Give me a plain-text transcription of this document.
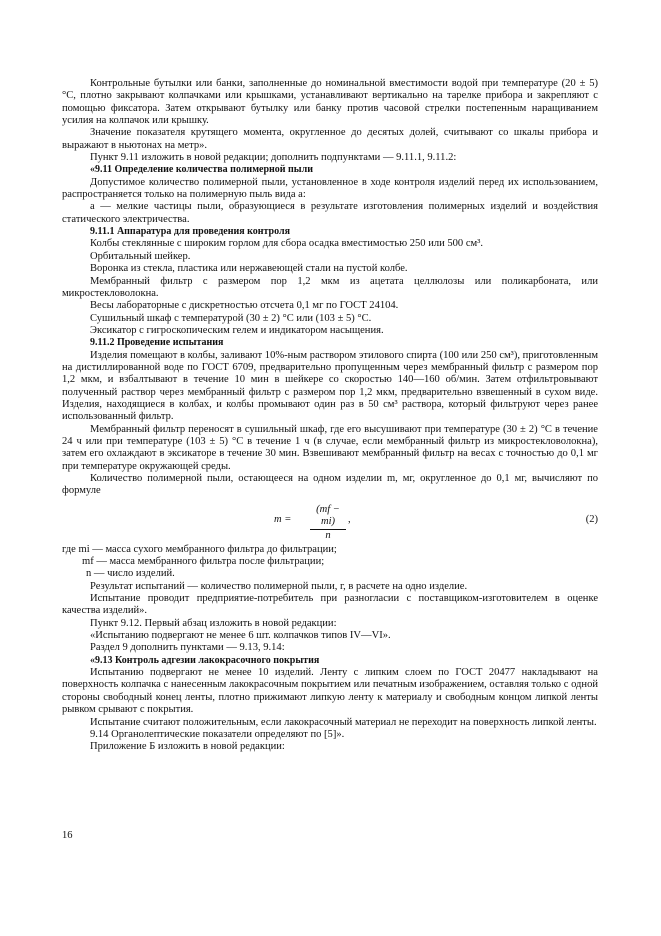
Контрольные бутылки или банки, заполненные до номинальной вместимости водой при температуре (20 ± 5) °С, плотно закрывают колпачками или крышками, устанавливают вертикально на тарелке прибора и закрепляют с помощью фиксатора. Затем открывают бутылку или банку против часовой стрелки постепенным наращиванием усилия на колпачок или крышку.

Значение показателя крутящего момента, округленное до десятых долей, считывают со шкалы прибора и выражают в ньютонах на метр».

Пункт 9.11 изложить в новой редакции; дополнить подпунктами — 9.11.1, 9.11.2:

«9.11 Определение количества полимерной пыли

Допустимое количество полимерной пыли, установленное в ходе контроля изделий перед их использованием, распространяется только на полимерную пыль вида a:

a — мелкие частицы пыли, образующиеся в результате изготовления полимерных изделий и воздействия статического электричества.

9.11.1 Аппаратура для проведения контроля

Колбы стеклянные с широким горлом для сбора осадка вместимостью 250 или 500 см³.

Орбитальный шейкер.

Воронка из стекла, пластика или нержавеющей стали на пустой колбе.

Мембранный фильтр с размером пор 1,2 мкм из ацетата целлюлозы или поликарбоната, или микростекловолокна.

Весы лабораторные с дискретностью отсчета 0,1 мг по ГОСТ 24104.

Сушильный шкаф с температурой (30 ± 2) °С или (103 ± 5) °С.

Эксикатор с гигроскопическим гелем и индикатором насыщения.

9.11.2 Проведение испытания

Изделия помещают в колбы, заливают 10%-ным раствором этилового спирта (100 или 250 см³), приготовленным на дистиллированной воде по ГОСТ 6709, предварительно пропущенным через мембранный фильтр с размером пор 1,2 мкм, и взбалтывают в течение 10 мин в шейкере со скоростью 140—160 об/мин. Затем отфильтровывают полученный раствор через мембранный фильтр с размером пор 1,2 мкм, предварительно взвешенный в сухом виде. Изделия, находящиеся в колбах, и колбы промывают один раз в 50 см³ раствора, который фильтруют через ранее использованный фильтр.

Мембранный фильтр переносят в сушильный шкаф, где его высушивают при температуре (30 ± 2) °С в течение 24 ч или при температуре (103 ± 5) °С в течение 1 ч (в случае, если мембранный фильтр из микростекловолокна), затем его охлаждают в эксикаторе в течение 30 мин. Взвешивают мембранный фильтр на весах с точностью до 0,1 мг при температуре окружающей среды.

Количество полимерной пыли, остающееся на одном изделии m, мг, округленное до 0,1 мг, вычисляют по формуле

$m = \frac{(mf - mi)}{n}$ ,	(2)

где mi — масса сухого мембранного фильтра до фильтрации;

mf — масса мембранного фильтра после фильтрации;

n — число изделий.

Результат испытаний — количество полимерной пыли, г, в расчете на одно изделие.

Испытание проводит предприятие-потребитель при разногласии с поставщиком-изготовителем в оценке качества изделий».

Пункт 9.12. Первый абзац изложить в новой редакции:

«Испытанию подвергают не менее 6 шт. колпачков типов IV—VI».

Раздел 9 дополнить пунктами — 9.13, 9.14:

«9.13 Контроль адгезии лакокрасочного покрытия

Испытанию подвергают не менее 10 изделий. Ленту с липким слоем по ГОСТ 20477 накладывают на поверхность колпачка с нанесенным лакокрасочным покрытием или печатным изображением, оставляя только с одной стороны свободный конец ленты, плотно прижимают липкую ленту к материалу и свободным концом липкой ленты рывком срывают с покрытия.

Испытание считают положительным, если лакокрасочный материал не переходит на поверхность липкой ленты.

9.14 Органолептические показатели определяют по [5]».

Приложение Б изложить в новой редакции:

16
